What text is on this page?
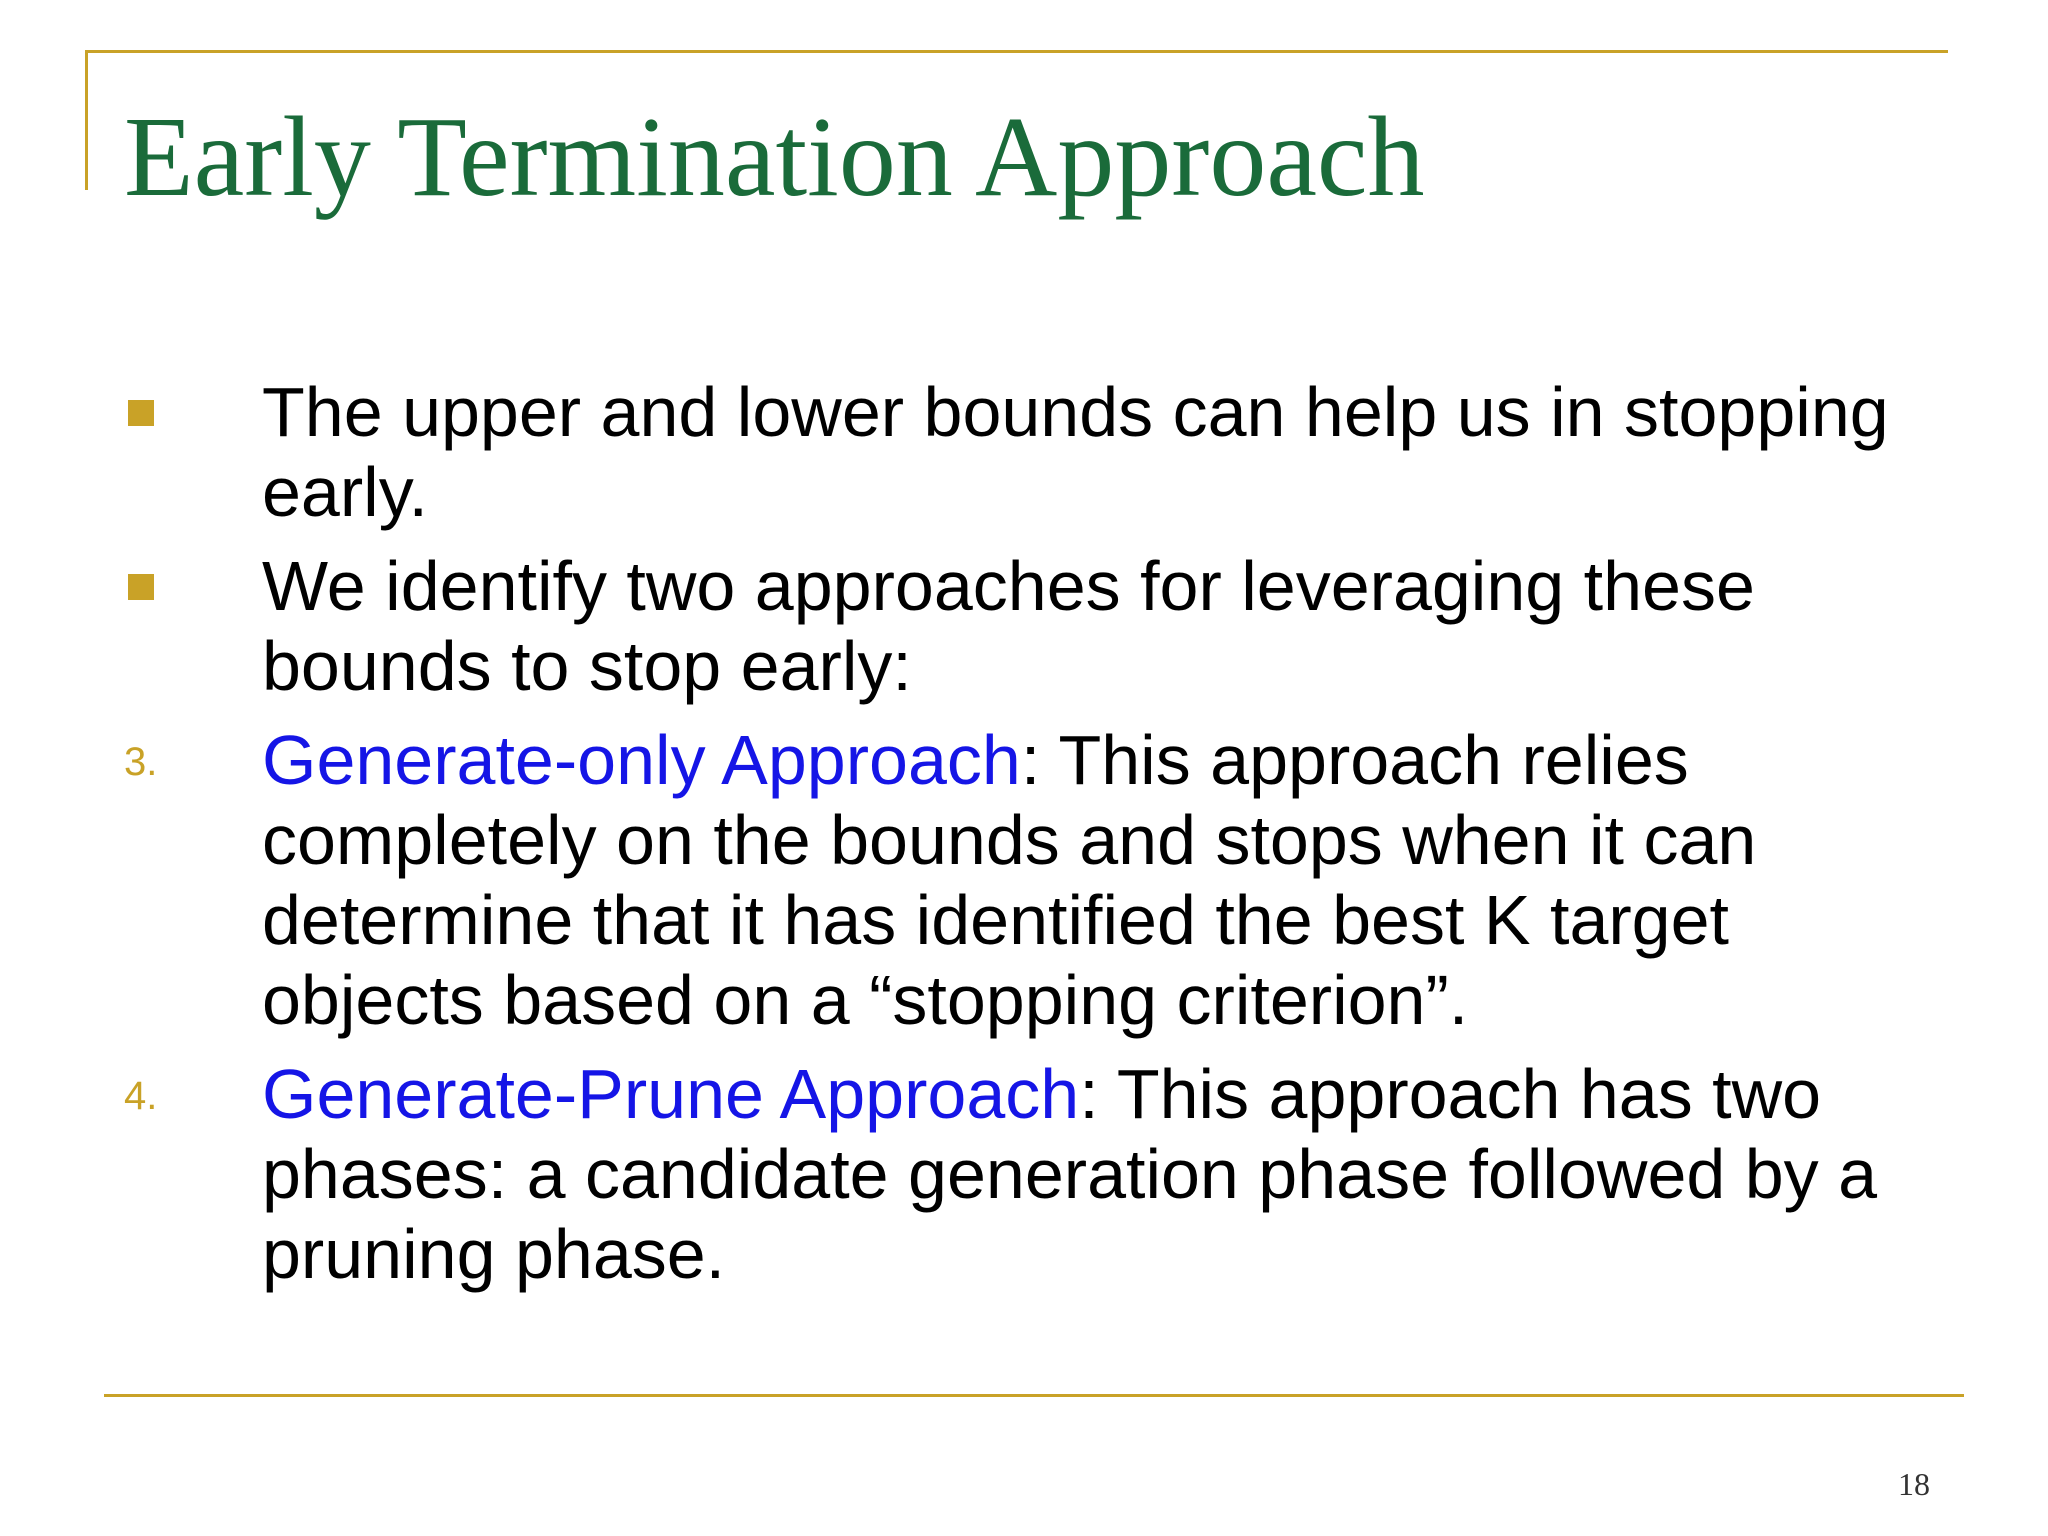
Early Termination Approach
The upper and lower bounds can help us in stopping early.
We identify two approaches for leveraging these bounds to stop early:
3. Generate-only Approach: This approach relies completely on the bounds and stops when it can determine that it has identified the best K target objects based on a “stopping criterion”.
4. Generate-Prune Approach: This approach has two phases: a candidate generation phase followed by a pruning phase.
18
